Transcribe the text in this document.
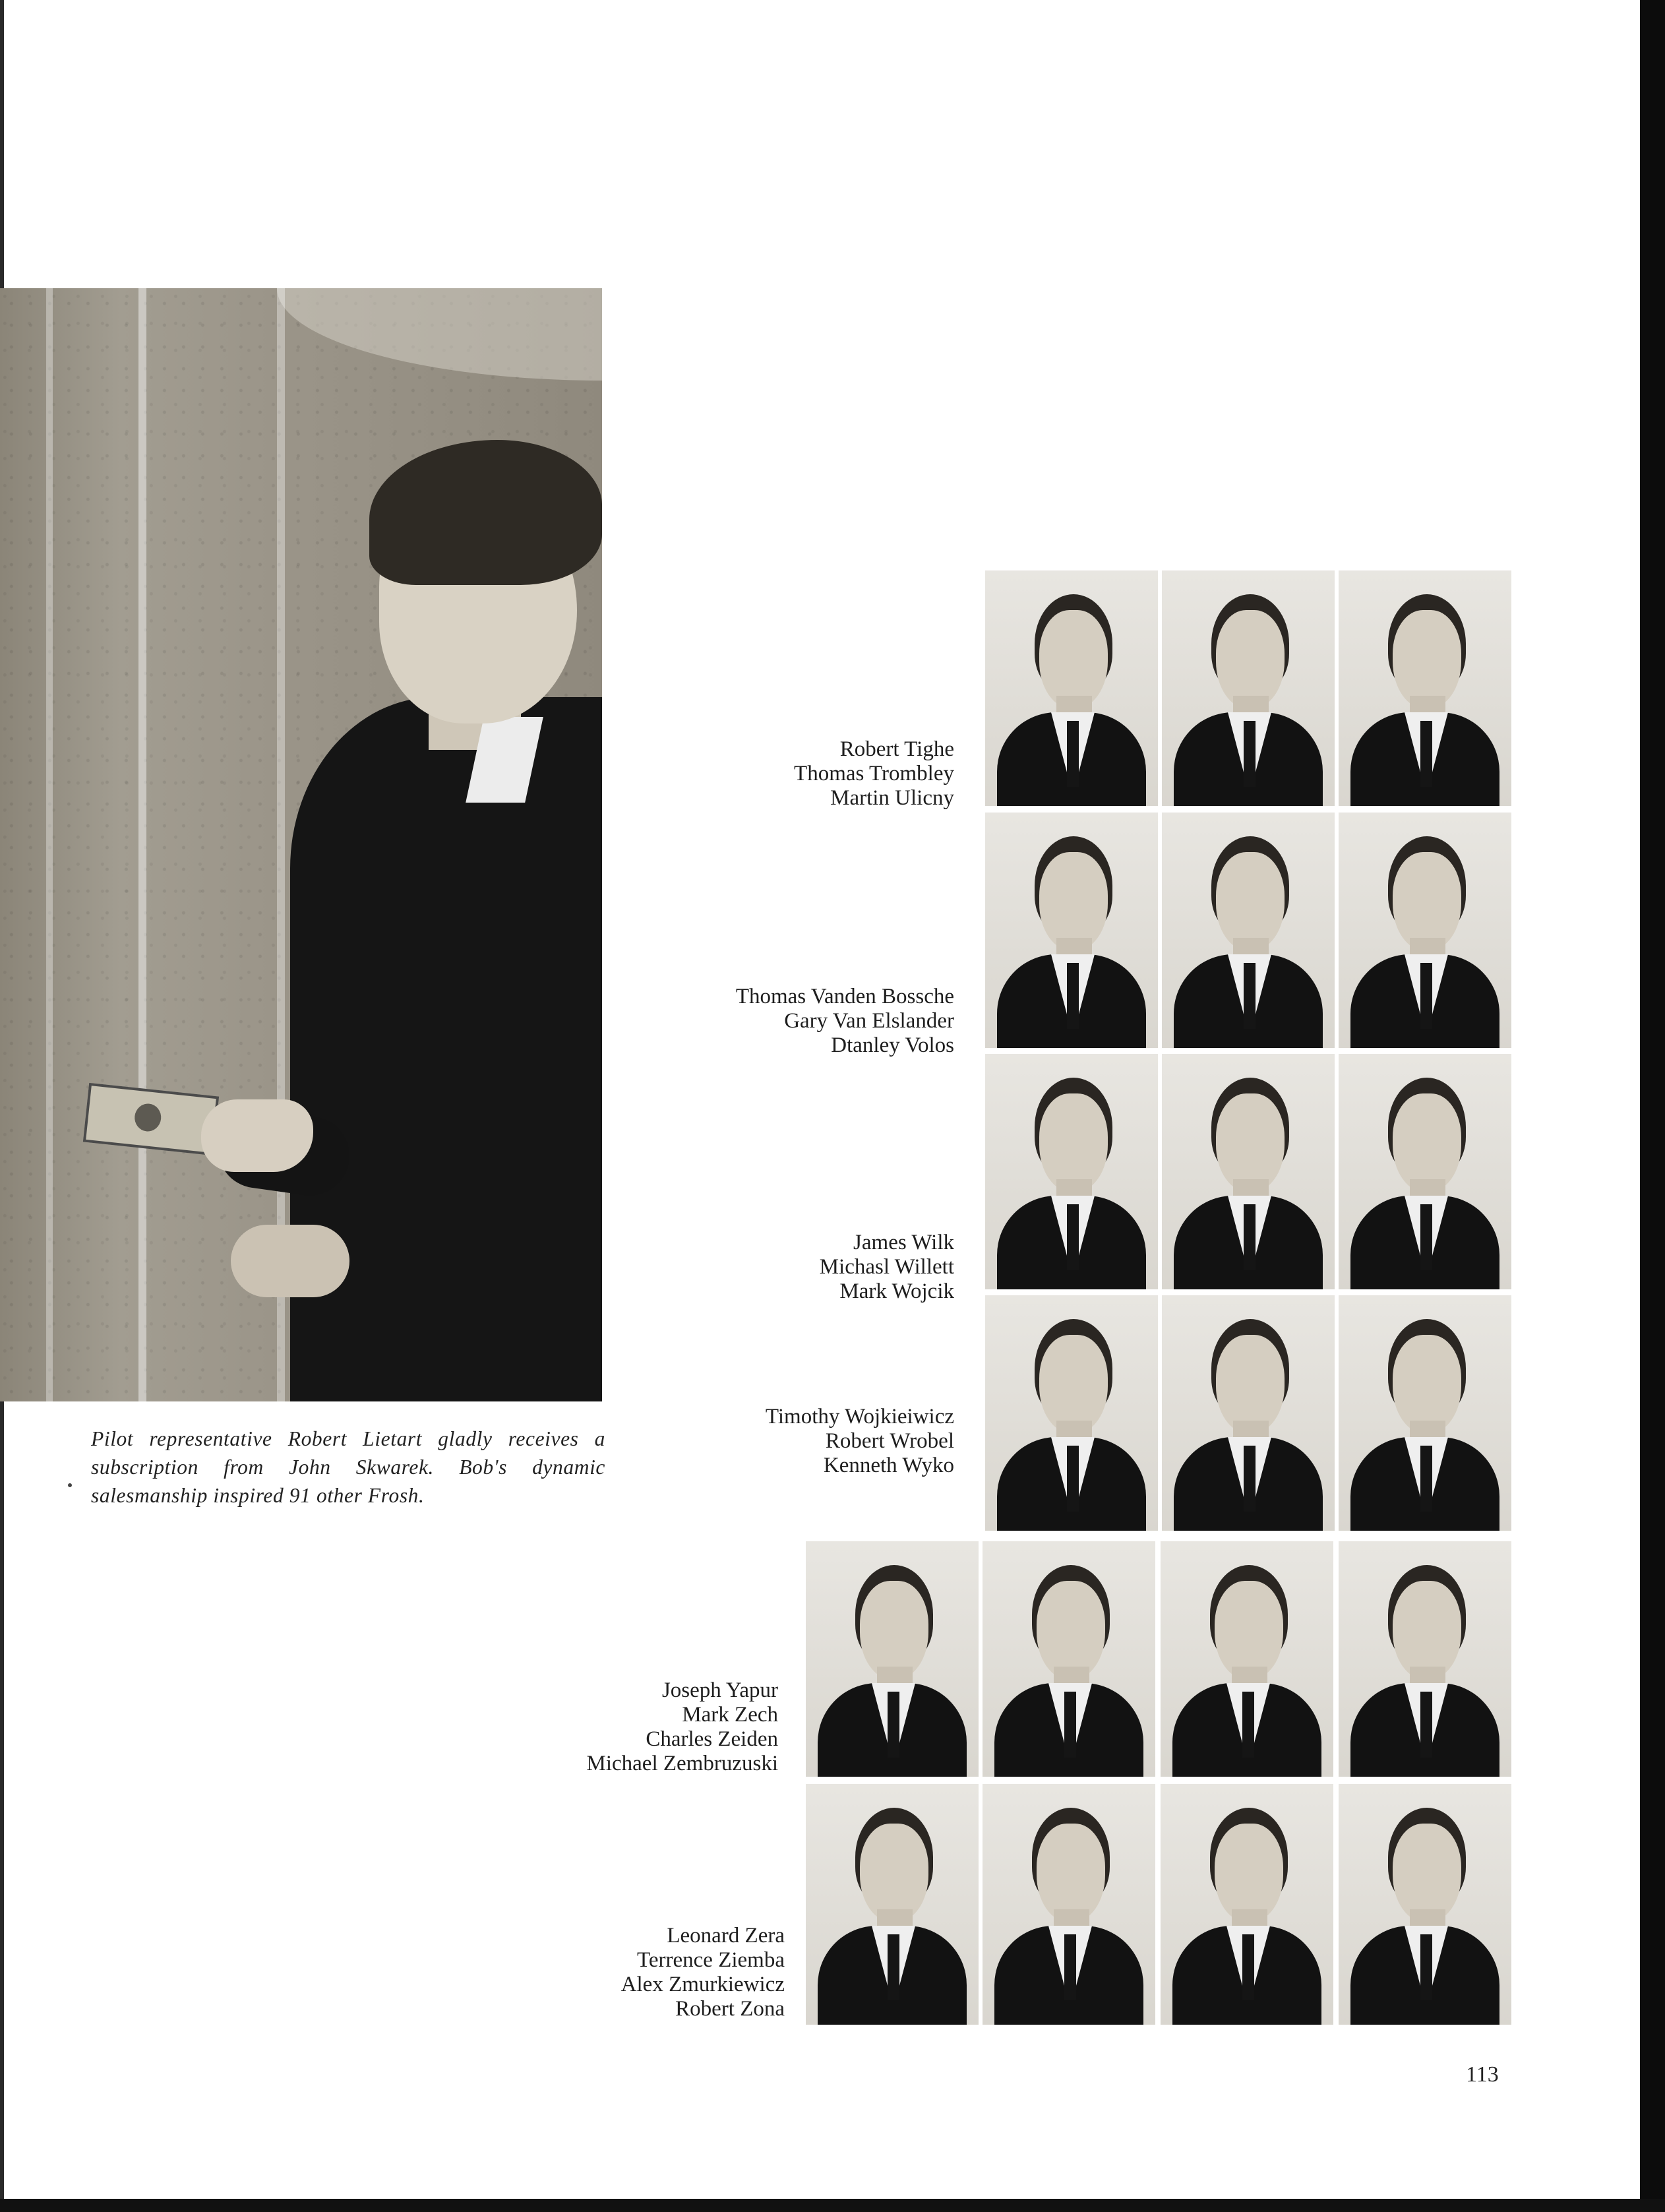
Pilot representative Robert Lietart gladly receives a subscription from John Skwarek. Bob's dynamic salesmanship inspired 91 other Frosh.
Robert Tighe
Thomas Trombley
Martin Ulicny
Thomas Vanden Bossche
Gary Van Elslander
Dtanley Volos
James Wilk
Michasl Willett
Mark Wojcik
Timothy Wojkieiwicz
Robert Wrobel
Kenneth Wyko
Joseph Yapur
Mark Zech
Charles Zeiden
Michael Zembruzuski
Leonard Zera
Terrence Ziemba
Alex Zmurkiewicz
Robert Zona
113
